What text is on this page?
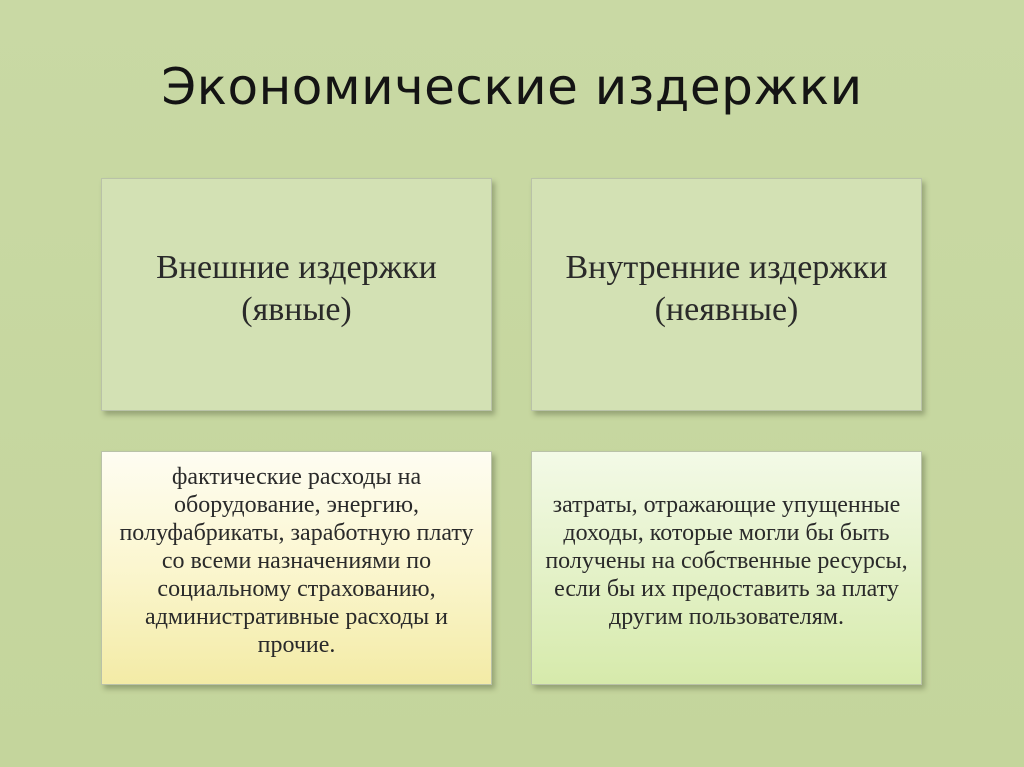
Экономические издержки
Внешние издержки (явные)
Внутренние издержки (неявные)
фактические расходы на оборудование, энергию, полуфабрикаты, заработную плату со всеми назначениями по социальному страхованию, административные расходы и прочие.
затраты, отражающие упущенные доходы, которые могли бы быть получены на собственные ресурсы, если бы их предоставить за плату другим пользователям.
